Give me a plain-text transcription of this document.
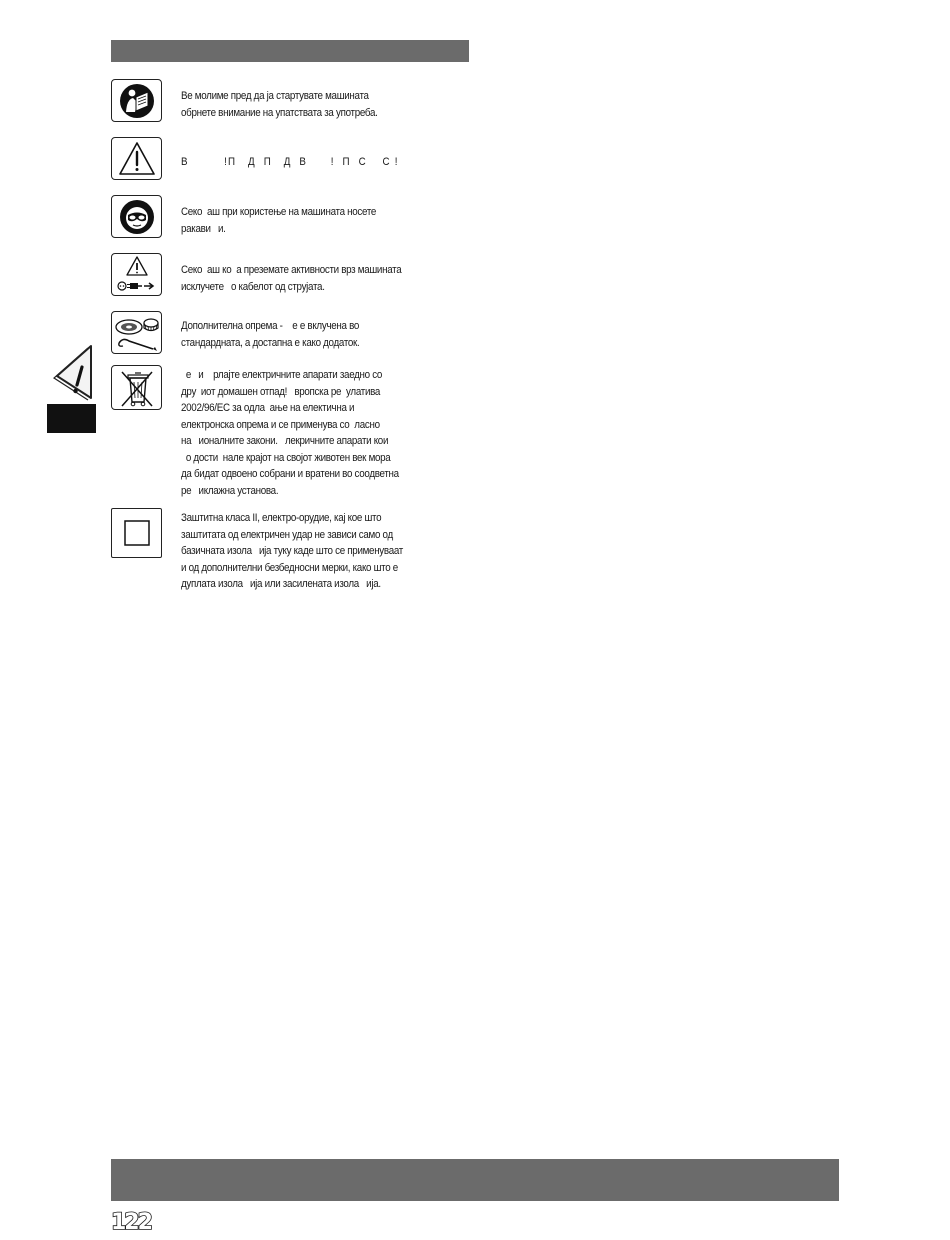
Ве молиме пред да ја стартувате машината
обрнете внимание на упатствата за употреба.
В         !П   Д  П   Д  В      !  П  С    С !
Секо  аш при користење на машината носете
ракави   и.
Секо  аш ко  а преземате активности врз машината
исклучете   о кабелот од струјата.
Дополнителна опрема -    е е вклучена во
стандардната, а достапна е како додаток.
е   и    рлајте електричните апарати заедно со
дру  иот домашен отпад!   вропска ре  улатива
2002/96/ЕС за одла  ање на електична и
електронска опрема и се применува со  ласно
на   ионалните закони.   лекричните апарати кои
о дости  нале крајот на својот животен век мора
да бидат одвоено собрани и вратени во соодветна
ре   иклажна установа.
Заштитна класа II, електро-орудие, кај кое што
заштитата од електричен удар не зависи само од
базичната изола   ија туку каде што се применуваат
и од дополнителни безбедносни мерки, како што е
дуплата изола   ија или засилената изола   ија.
122
